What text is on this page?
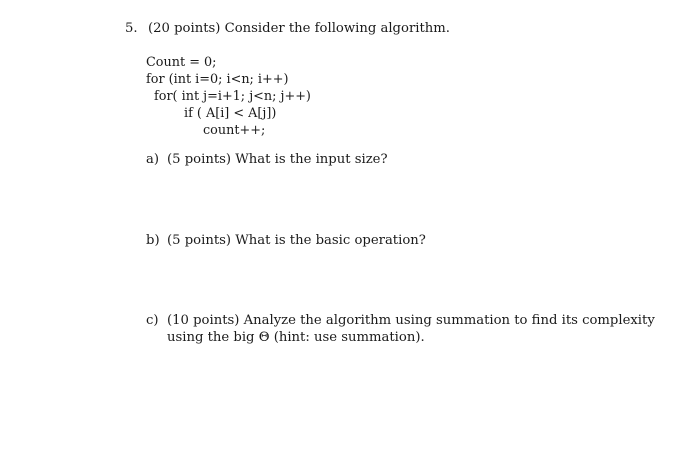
5. (20 points) Consider the following algorithm.
Count = 0;
for (int i=0; i<n; i++)
for( int j=i+1; j<n; j++)
if ( A[i] < A[j])
count++;
a) (5 points) What is the input size?
b) (5 points) What is the basic operation?
c) (10 points) Analyze the algorithm using summation to find its complexity
using the big Θ (hint: use summation).
